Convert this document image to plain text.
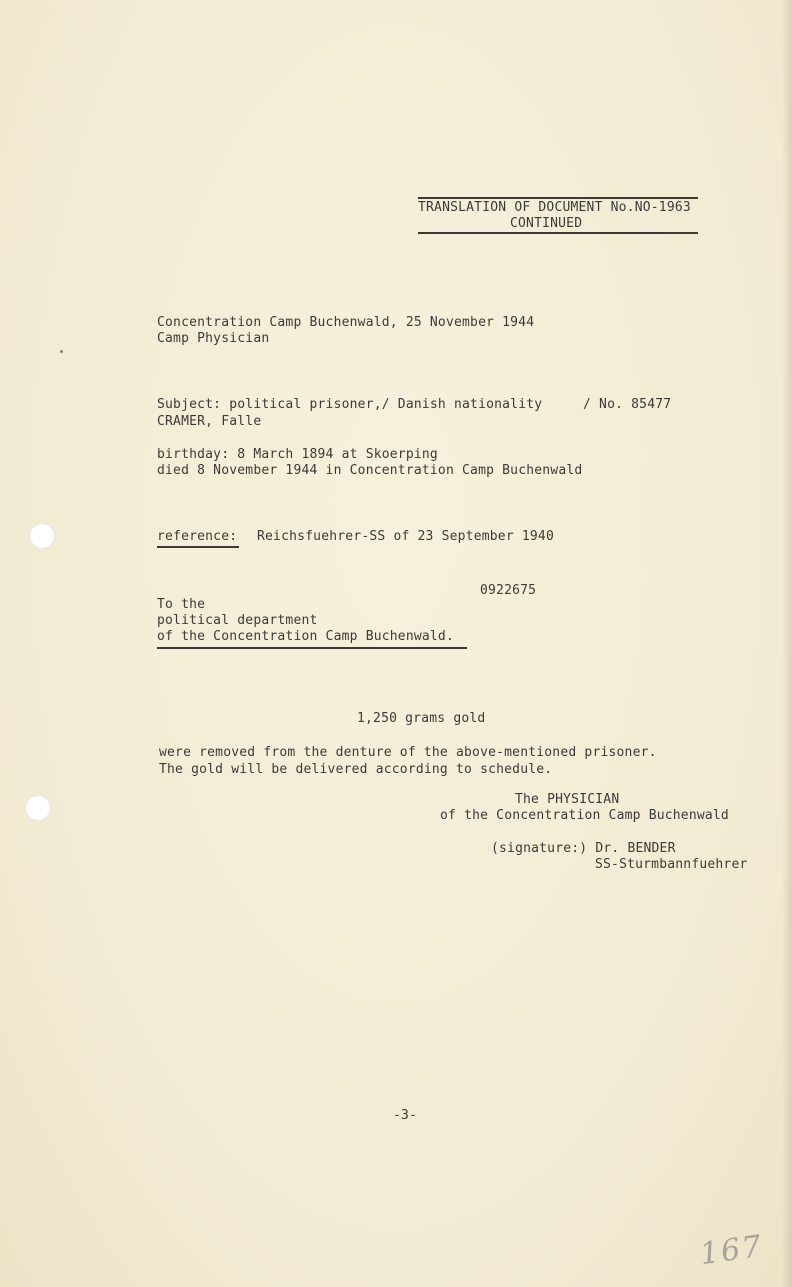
TRANSLATION OF DOCUMENT No.NO-1963
CONTINUED
Concentration Camp Buchenwald, 25 November 1944
Camp Physician
Subject: political prisoner,/ Danish nationality	/ No. 85477
CRAMER, Falle
birthday: 8 March 1894 at Skoerping
died 8 November 1944 in Concentration Camp Buchenwald
reference: Reichsfuehrer-SS of 23 September 1940
0922675
To the
political department
of the Concentration Camp Buchenwald.
1,250 grams gold
were removed from the denture of the above-mentioned prisoner.
The gold will be delivered according to schedule.
The PHYSICIAN
of the Concentration Camp Buchenwald
(signature:) Dr. BENDER
SS-Sturmbannfuehrer
-3-
167
